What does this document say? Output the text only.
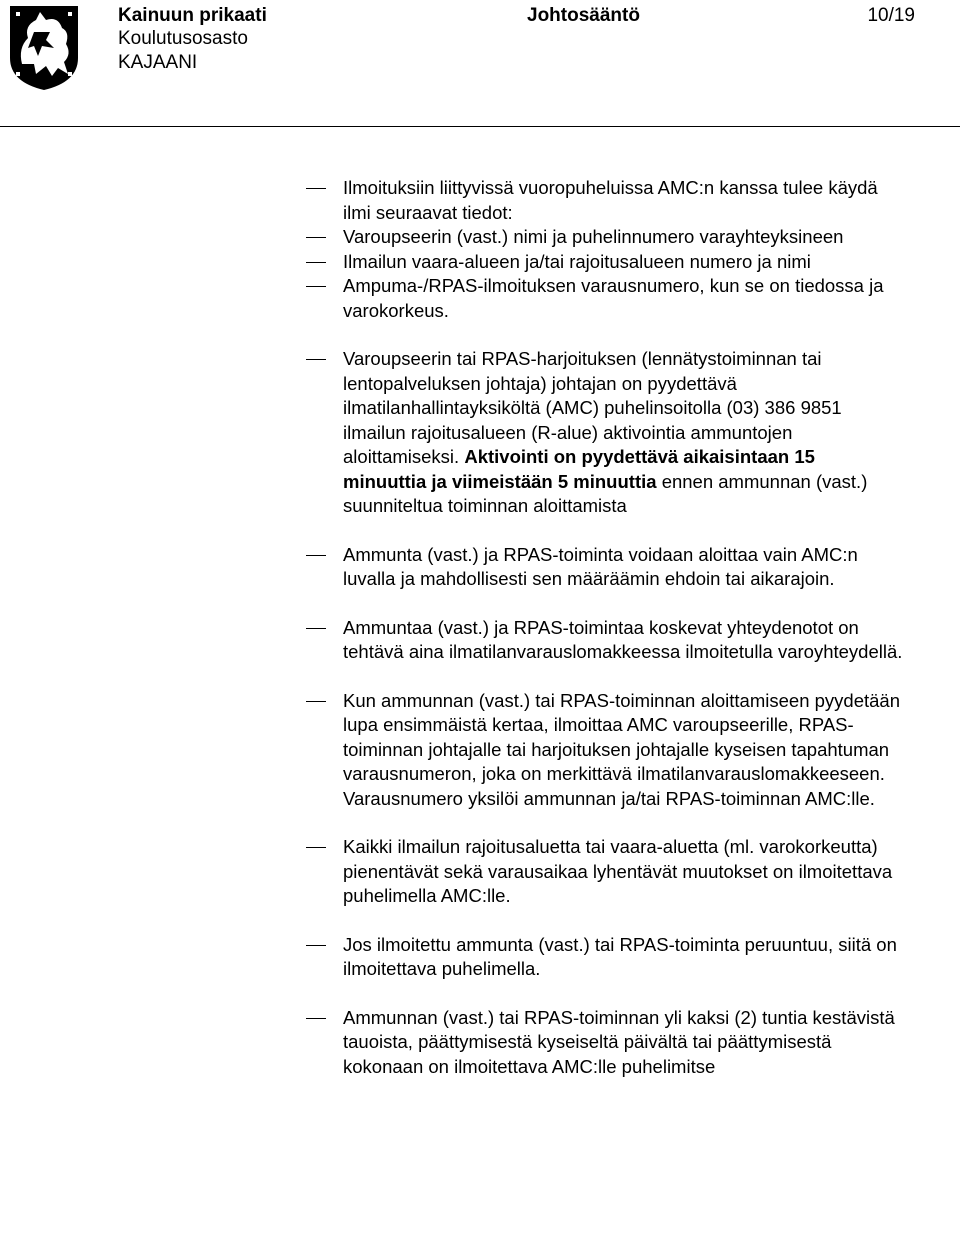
Kainuun prikaati
Koulutusosasto
KAJAANI
Johtosääntö	10/19
Ilmoituksiin liittyvissä vuoropuheluissa AMC:n kanssa tulee käydä ilmi seuraavat tiedot:
Varoupseerin (vast.) nimi ja puhelinnumero varayhteyksineen
Ilmailun vaara-alueen ja/tai rajoitusalueen numero ja nimi
Ampuma-/RPAS-ilmoituksen varausnumero, kun se on tiedossa ja varokorkeus.
Varoupseerin tai RPAS-harjoituksen (lennätystoiminnan tai lentopalveluksen johtaja) johtajan on pyydettävä ilmatilanhallintayksiköltä (AMC) puhelinsoitolla (03) 386 9851 ilmailun rajoitusalueen (R-alue) aktivointia ammuntojen aloittamiseksi. Aktivointi on pyydettävä aikaisintaan 15 minuuttia ja viimeistään 5 minuuttia ennen ammunnan (vast.) suunniteltua toiminnan aloittamista
Ammunta (vast.) ja RPAS-toiminta voidaan aloittaa vain AMC:n luvalla ja mahdollisesti sen määräämin ehdoin tai aikarajoin.
Ammuntaa (vast.) ja RPAS-toimintaa koskevat yhteydenotot on tehtävä aina ilmatilanvarauslomakkeessa ilmoitetulla varoyhteydellä.
Kun ammunnan (vast.) tai RPAS-toiminnan aloittamiseen pyydetään lupa ensimmäistä kertaa, ilmoittaa AMC varoupseerille, RPAS-toiminnan johtajalle tai harjoituksen johtajalle kyseisen tapahtuman varausnumeron, joka on merkittävä ilmatilanvarauslomakkeeseen. Varausnumero yksilöi ammunnan ja/tai RPAS-toiminnan AMC:lle.
Kaikki ilmailun rajoitusaluetta tai vaara-aluetta (ml. varokorkeutta) pienentävät sekä varausaikaa lyhentävät muutokset on ilmoitettava puhelimella AMC:lle.
Jos ilmoitettu ammunta (vast.) tai RPAS-toiminta peruuntuu, siitä on ilmoitettava puhelimella.
Ammunnan (vast.) tai RPAS-toiminnan yli kaksi (2) tuntia kestävistä tauoista, päättymisestä kyseiseltä päivältä tai päättymisestä kokonaan on ilmoitettava AMC:lle puhelimitse
